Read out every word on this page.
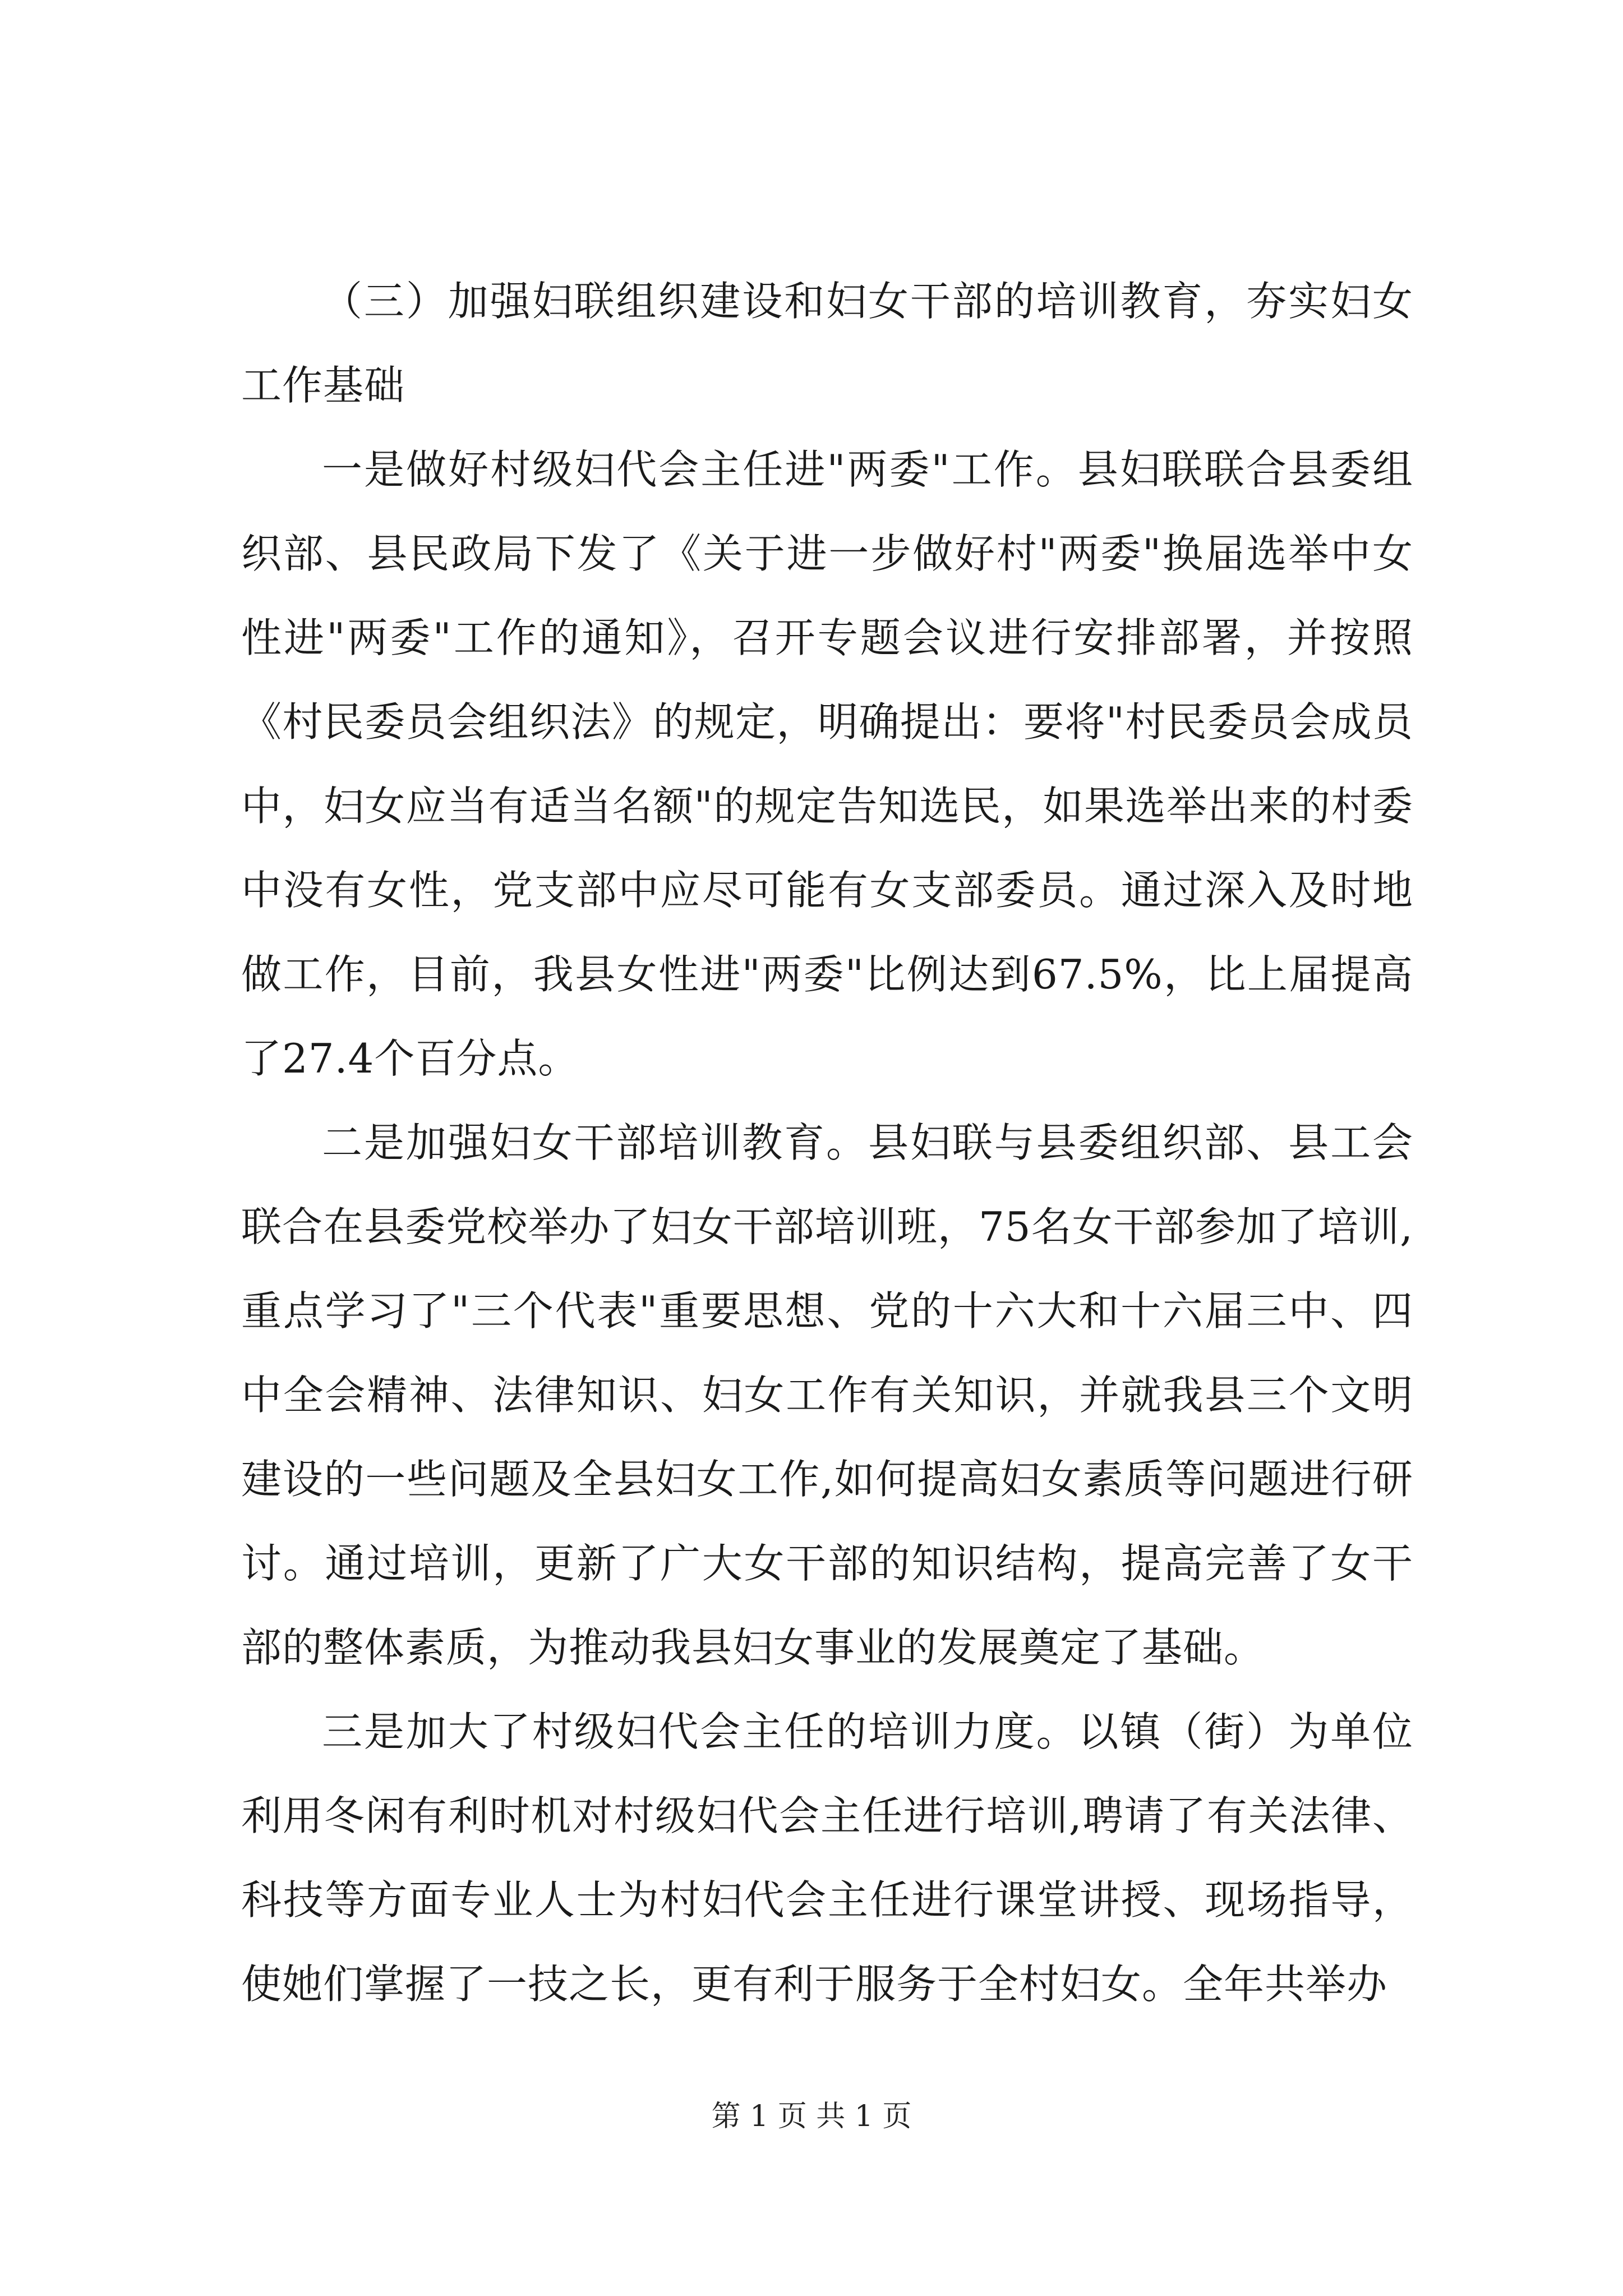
（三）加强妇联组织建设和妇女干部的培训教育，夯实妇女工作基础

一是做好村级妇代会主任进"两委"工作。县妇联联合县委组织部、县民政局下发了《关于进一步做好村"两委"换届选举中女性进"两委"工作的通知》，召开专题会议进行安排部署，并按照《村民委员会组织法》的规定，明确提出：要将"村民委员会成员中，妇女应当有适当名额"的规定告知选民，如果选举出来的村委中没有女性，党支部中应尽可能有女支部委员。通过深入及时地做工作，目前，我县女性进"两委"比例达到67.5%，比上届提高了27.4个百分点。

二是加强妇女干部培训教育。县妇联与县委组织部、县工会联合在县委党校举办了妇女干部培训班，75名女干部参加了培训,重点学习了"三个代表"重要思想、党的十六大和十六届三中、四中全会精神、法律知识、妇女工作有关知识，并就我县三个文明建设的一些问题及全县妇女工作,如何提高妇女素质等问题进行研讨。通过培训，更新了广大女干部的知识结构，提高完善了女干部的整体素质，为推动我县妇女事业的发展奠定了基础。

三是加大了村级妇代会主任的培训力度。以镇（街）为单位利用冬闲有利时机对村级妇代会主任进行培训,聘请了有关法律、科技等方面专业人士为村妇代会主任进行课堂讲授、现场指导，使她们掌握了一技之长，更有利于服务于全村妇女。全年共举办

第 1 页 共 1 页
